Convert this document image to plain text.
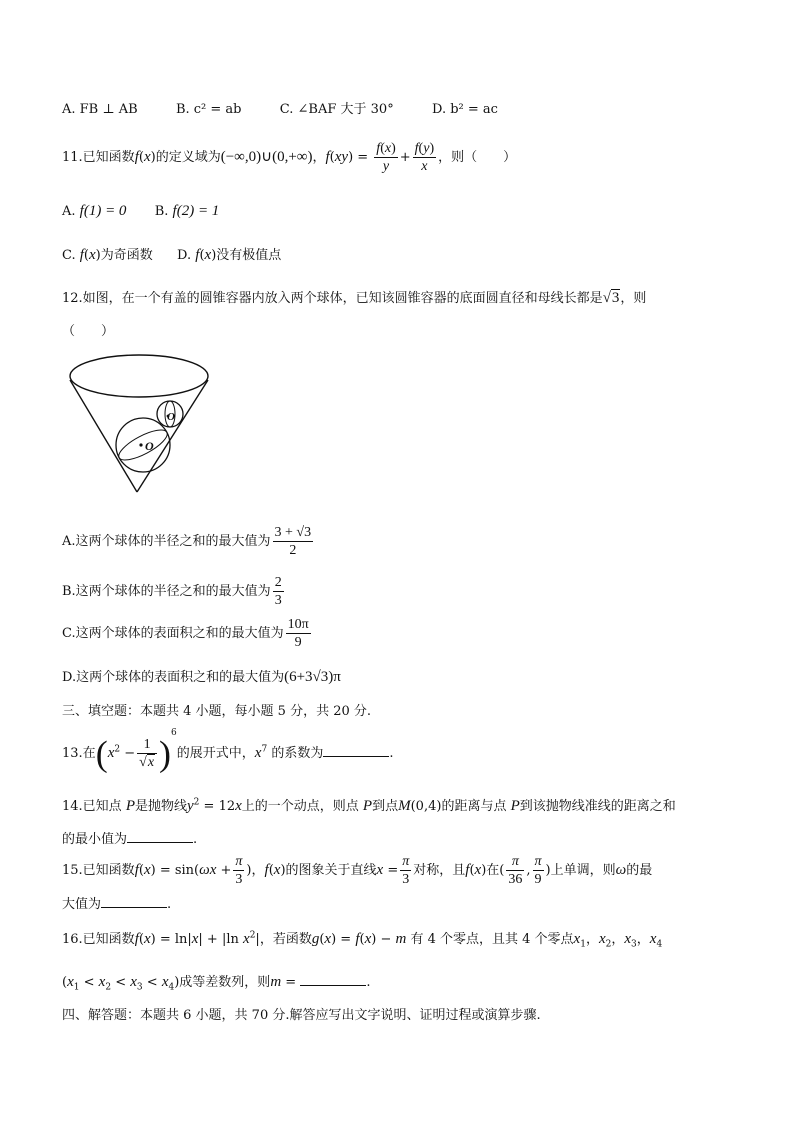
A. FB ⊥ AB	B. c² = ab	C. ∠BAF 大于 30°	D. b² = ac
11.已知函数f(x)的定义域为(−∞,0)∪(0,+∞)，$f(xy) = \frac{f(x)}{y} + \frac{f(y)}{x}$ ，则（　　）
A. f(1) = 0  B. f(2) = 1
C. f(x)为奇函数  D. f(x)没有极值点
12.如图，在一个有盖的圆锥容器内放入两个球体，已知该圆锥容器的底面圆直径和母线长都是√3，则
（　　）
O
O
A.这两个球体的半径之和的最大值为 $\frac{3 + √3}{2}$
B.这两个球体的半径之和的最大值为 $\frac{2}{3}$
C.这两个球体的表面积之和的最大值为 $\frac{10\pi}{9}$
D.这两个球体的表面积之和的最大值为(6+3√3)π
三、填空题：本题共 4 小题，每小题 5 分，共 20 分.
13.在$(x^2 - \frac{1}{√x} )^6$的展开式中，$x^7$ 的系数为	.
14.已知点 P是抛物线$y^2 = 12x$上的一个动点，则点 P到点M(0,4)的距离与点 P到该抛物线准线的距离之和
的最小值为	.
15.已知函数$f(x) = \sin(\omega x + \frac{\pi}{3}$ )，f(x)的图象关于直线$x = \frac{\pi}{3}$ 对称，且f(x)在( $\frac{\pi}{36}$ , $\frac{\pi}{9}$ )上单调，则ω的最
大值为	.
16.已知函数f(x) = ln|x| + |ln $x^2|$，若函数g(x) = f(x) − m 有 4 个零点，且其 4 个零点$x_1$，$x_2$，$x_3$，$x_4$
$(x_1 < x_2 < x_3 < x_4)$成等差数列，则m =	.
四、解答题：本题共 6 小题，共 70 分.解答应写出文字说明、证明过程或演算步骤.
